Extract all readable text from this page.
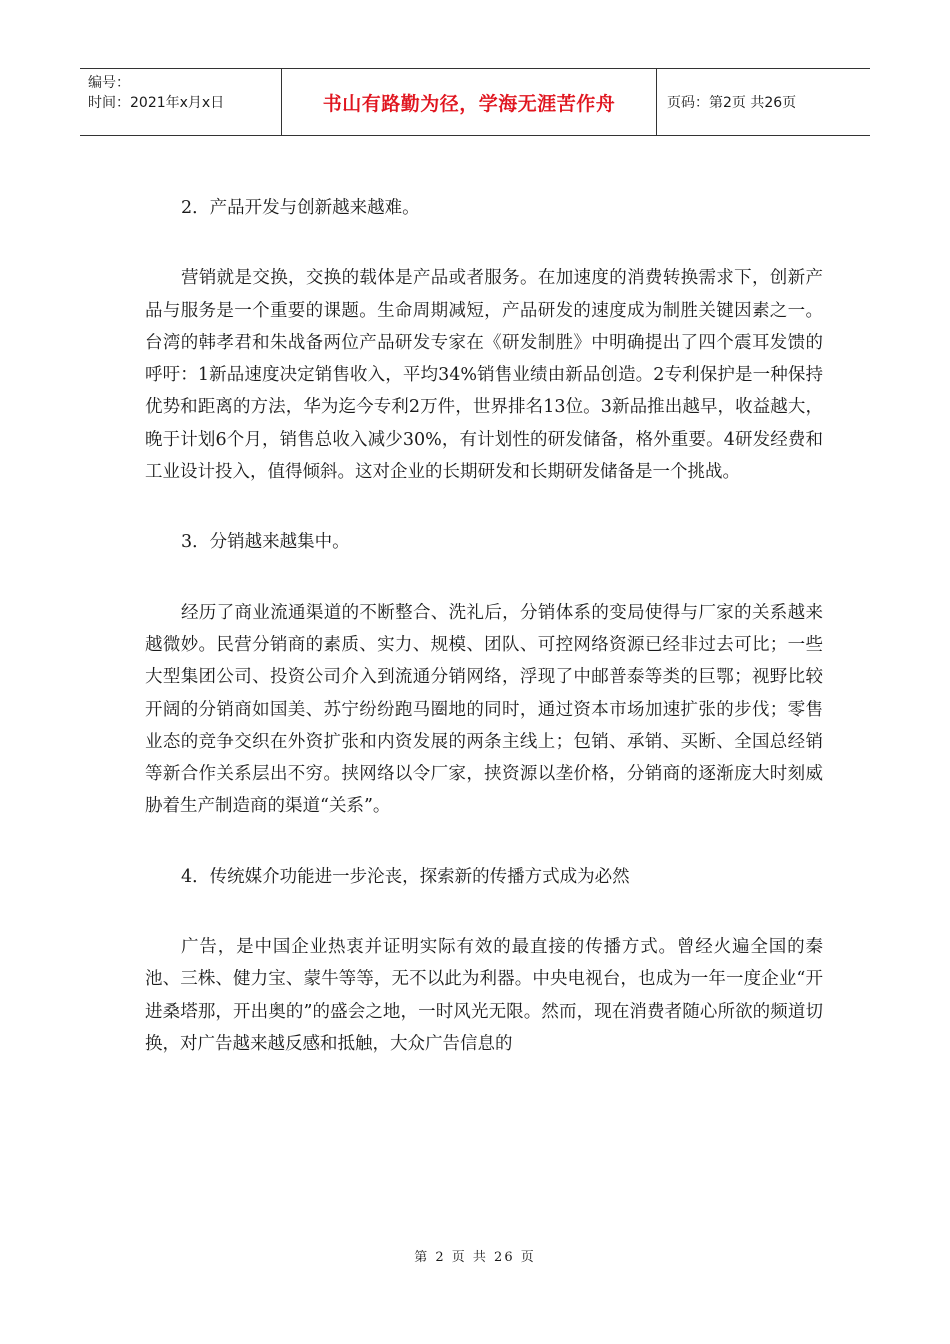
编号：
时间：2021年x月x日	书山有路勤为径，学海无涯苦作舟	页码：第2页 共26页

2．产品开发与创新越来越难。

营销就是交换，交换的载体是产品或者服务。在加速度的消费转换需求下，创新产品与服务是一个重要的课题。生命周期减短，产品研发的速度成为制胜关键因素之一。台湾的韩孝君和朱战备两位产品研发专家在《研发制胜》中明确提出了四个震耳发馈的呼吁：1新品速度决定销售收入，平均34%销售业绩由新品创造。2专利保护是一种保持优势和距离的方法，华为迄今专利2万件，世界排名13位。3新品推出越早，收益越大，晚于计划6个月，销售总收入减少30%，有计划性的研发储备，格外重要。4研发经费和工业设计投入，值得倾斜。这对企业的长期研发和长期研发储备是一个挑战。

3．分销越来越集中。

经历了商业流通渠道的不断整合、洗礼后，分销体系的变局使得与厂家的关系越来越微妙。民营分销商的素质、实力、规模、团队、可控网络资源已经非过去可比；一些大型集团公司、投资公司介入到流通分销网络，浮现了中邮普泰等类的巨鄂；视野比较开阔的分销商如国美、苏宁纷纷跑马圈地的同时，通过资本市场加速扩张的步伐；零售业态的竞争交织在外资扩张和内资发展的两条主线上；包销、承销、买断、全国总经销等新合作关系层出不穷。挟网络以令厂家，挟资源以垄价格，分销商的逐渐庞大时刻威胁着生产制造商的渠道“关系”。

4．传统媒介功能进一步沦丧，探索新的传播方式成为必然

广告，是中国企业热衷并证明实际有效的最直接的传播方式。曾经火遍全国的秦池、三株、健力宝、蒙牛等等，无不以此为利器。中央电视台，也成为一年一度企业“开进桑塔那，开出奥的”的盛会之地，一时风光无限。然而，现在消费者随心所欲的频道切换，对广告越来越反感和抵触，大众广告信息的

第 2 页 共 26 页
